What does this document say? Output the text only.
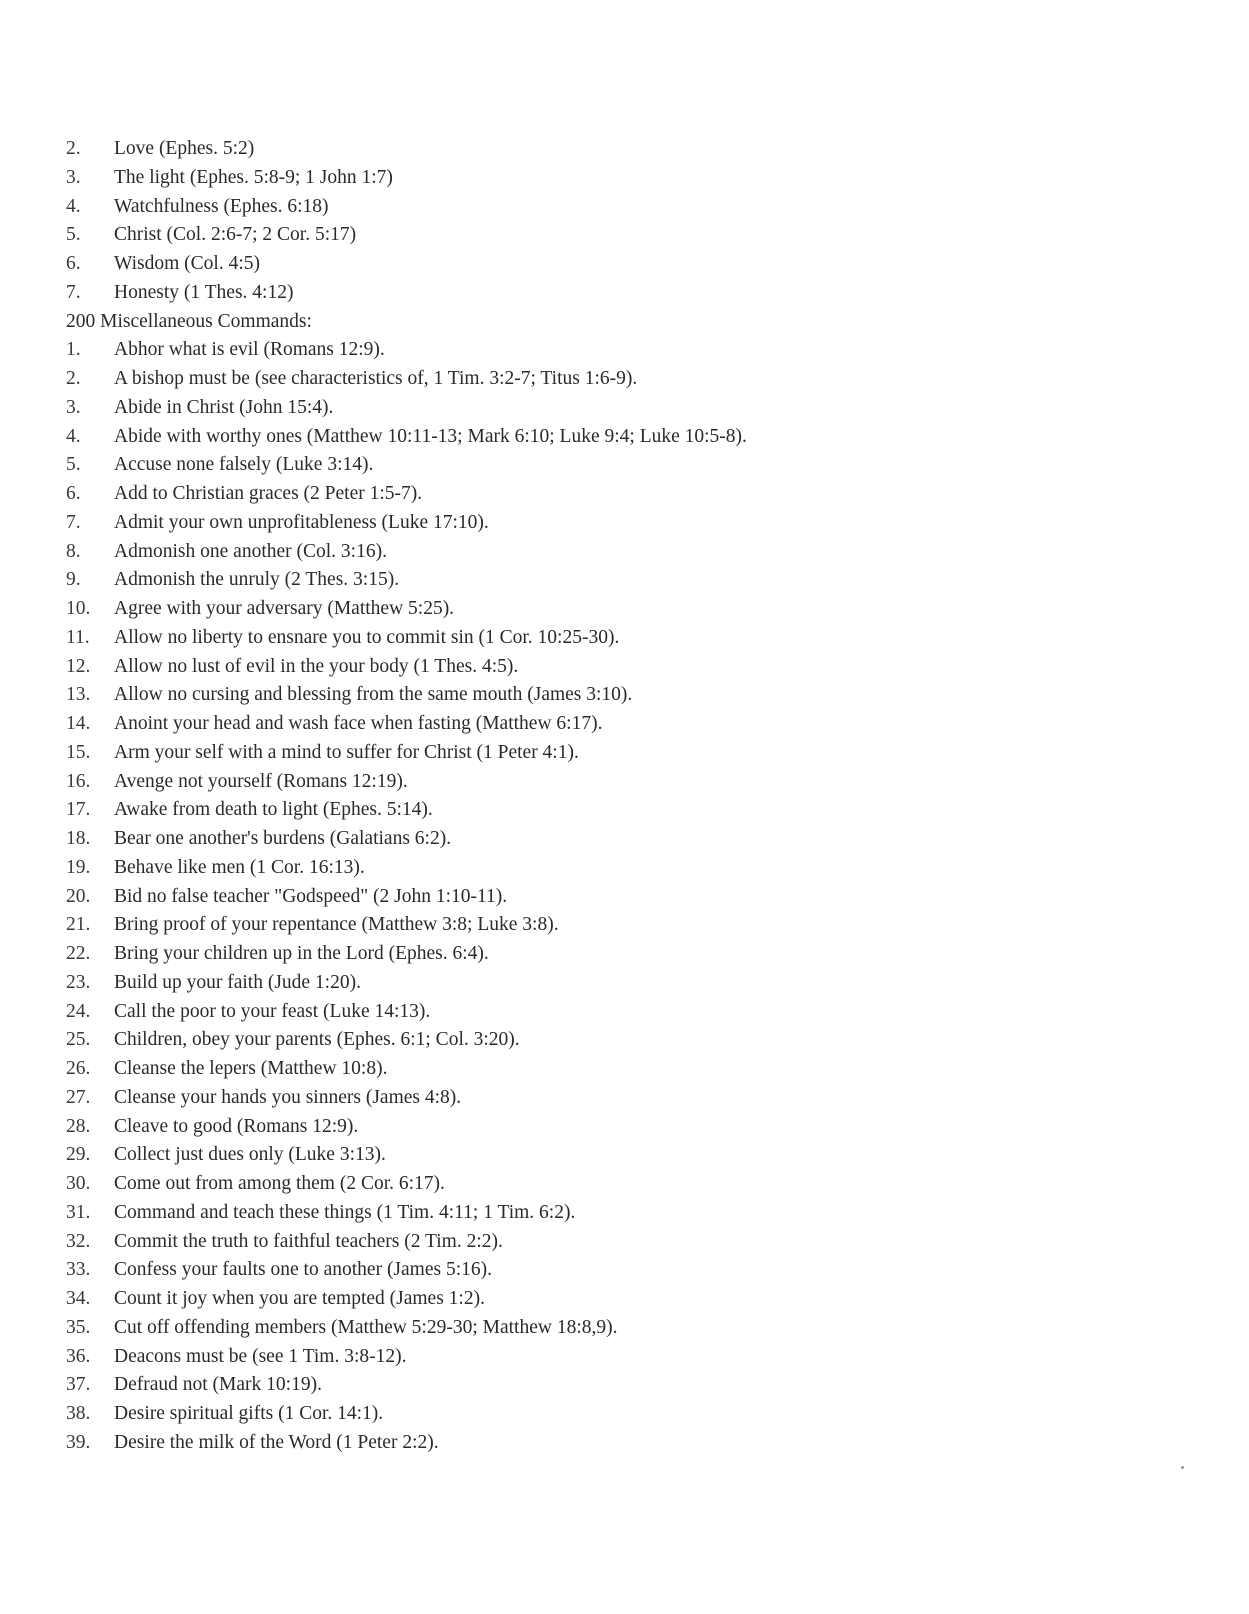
2. Love (Ephes. 5:2)
3. The light (Ephes. 5:8-9; 1 John 1:7)
4. Watchfulness (Ephes. 6:18)
5. Christ (Col. 2:6-7; 2 Cor. 5:17)
6. Wisdom (Col. 4:5)
7. Honesty (1 Thes. 4:12)
200 Miscellaneous Commands:
1. Abhor what is evil (Romans 12:9).
2. A bishop must be (see characteristics of, 1 Tim. 3:2-7; Titus 1:6-9).
3. Abide in Christ (John 15:4).
4. Abide with worthy ones (Matthew 10:11-13; Mark 6:10; Luke 9:4; Luke 10:5-8).
5. Accuse none falsely (Luke 3:14).
6. Add to Christian graces (2 Peter 1:5-7).
7. Admit your own unprofitableness (Luke 17:10).
8. Admonish one another (Col. 3:16).
9. Admonish the unruly (2 Thes. 3:15).
10. Agree with your adversary (Matthew 5:25).
11. Allow no liberty to ensnare you to commit sin (1 Cor. 10:25-30).
12. Allow no lust of evil in the your body (1 Thes. 4:5).
13. Allow no cursing and blessing from the same mouth (James 3:10).
14. Anoint your head and wash face when fasting (Matthew 6:17).
15. Arm your self with a mind to suffer for Christ (1 Peter 4:1).
16. Avenge not yourself (Romans 12:19).
17. Awake from death to light (Ephes. 5:14).
18. Bear one another's burdens (Galatians 6:2).
19. Behave like men (1 Cor. 16:13).
20. Bid no false teacher "Godspeed" (2 John 1:10-11).
21. Bring proof of your repentance (Matthew 3:8; Luke 3:8).
22. Bring your children up in the Lord (Ephes. 6:4).
23. Build up your faith (Jude 1:20).
24. Call the poor to your feast (Luke 14:13).
25. Children, obey your parents (Ephes. 6:1; Col. 3:20).
26. Cleanse the lepers (Matthew 10:8).
27. Cleanse your hands you sinners (James 4:8).
28. Cleave to good (Romans 12:9).
29. Collect just dues only (Luke 3:13).
30. Come out from among them (2 Cor. 6:17).
31. Command and teach these things (1 Tim. 4:11; 1 Tim. 6:2).
32. Commit the truth to faithful teachers (2 Tim. 2:2).
33. Confess your faults one to another (James 5:16).
34. Count it joy when you are tempted (James 1:2).
35. Cut off offending members (Matthew 5:29-30; Matthew 18:8,9).
36. Deacons must be (see 1 Tim. 3:8-12).
37. Defraud not (Mark 10:19).
38. Desire spiritual gifts (1 Cor. 14:1).
39. Desire the milk of the Word (1 Peter 2:2).
